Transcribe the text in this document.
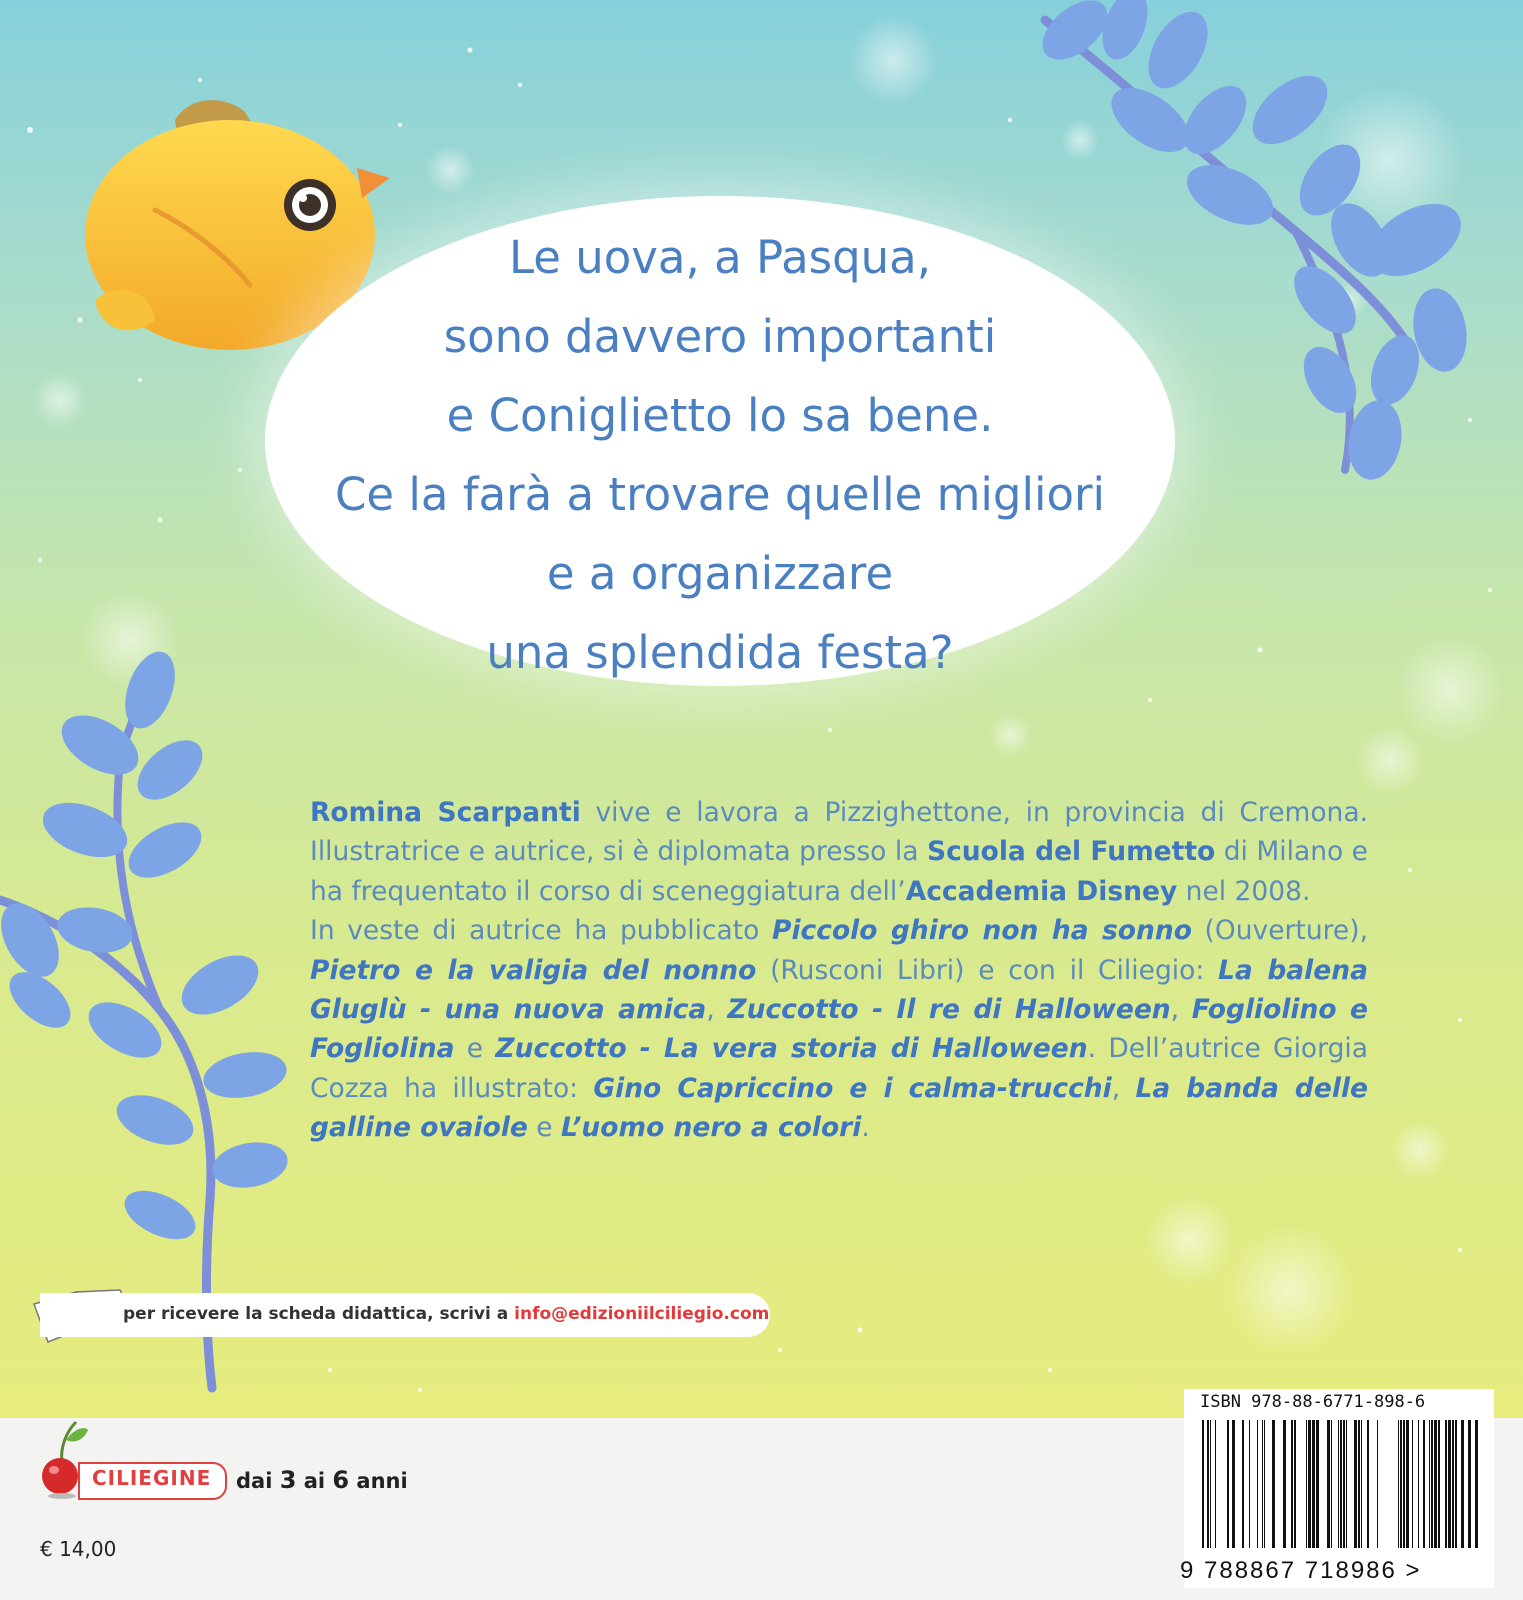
Le uova, a Pasqua,
sono davvero importanti
e Coniglietto lo sa bene.
Ce la farà a trovare quelle migliori
e a organizzare
una splendida festa?

Romina Scarpanti vive e lavora a Pizzighettone, in provincia di Cremona. Illustratrice e autrice, si è diplomata presso la Scuola del Fumetto di Milano e ha frequentato il corso di sceneggiatura dell’Accademia Disney nel 2008.

In veste di autrice ha pubblicato Piccolo ghiro non ha sonno (Ouverture), Pietro e la valigia del nonno (Rusconi Libri) e con il Ciliegio: La balena Gluglù - una nuova amica, Zuccotto - Il re di Halloween, Fogliolino e Fogliolina e Zuccotto - La vera storia di Halloween. Dell’autrice Giorgia Cozza ha illustrato: Gino Capriccino e i calma-trucchi, La banda delle galline ovaiole e L’uomo nero a colori.

per ricevere la scheda didattica, scrivi a info@edizioniilciliegio.com
CILIEGINE dai 3 ai 6 anni
€ 14,00
ISBN 978-88-6771-898-6
9 788867 718986 >
